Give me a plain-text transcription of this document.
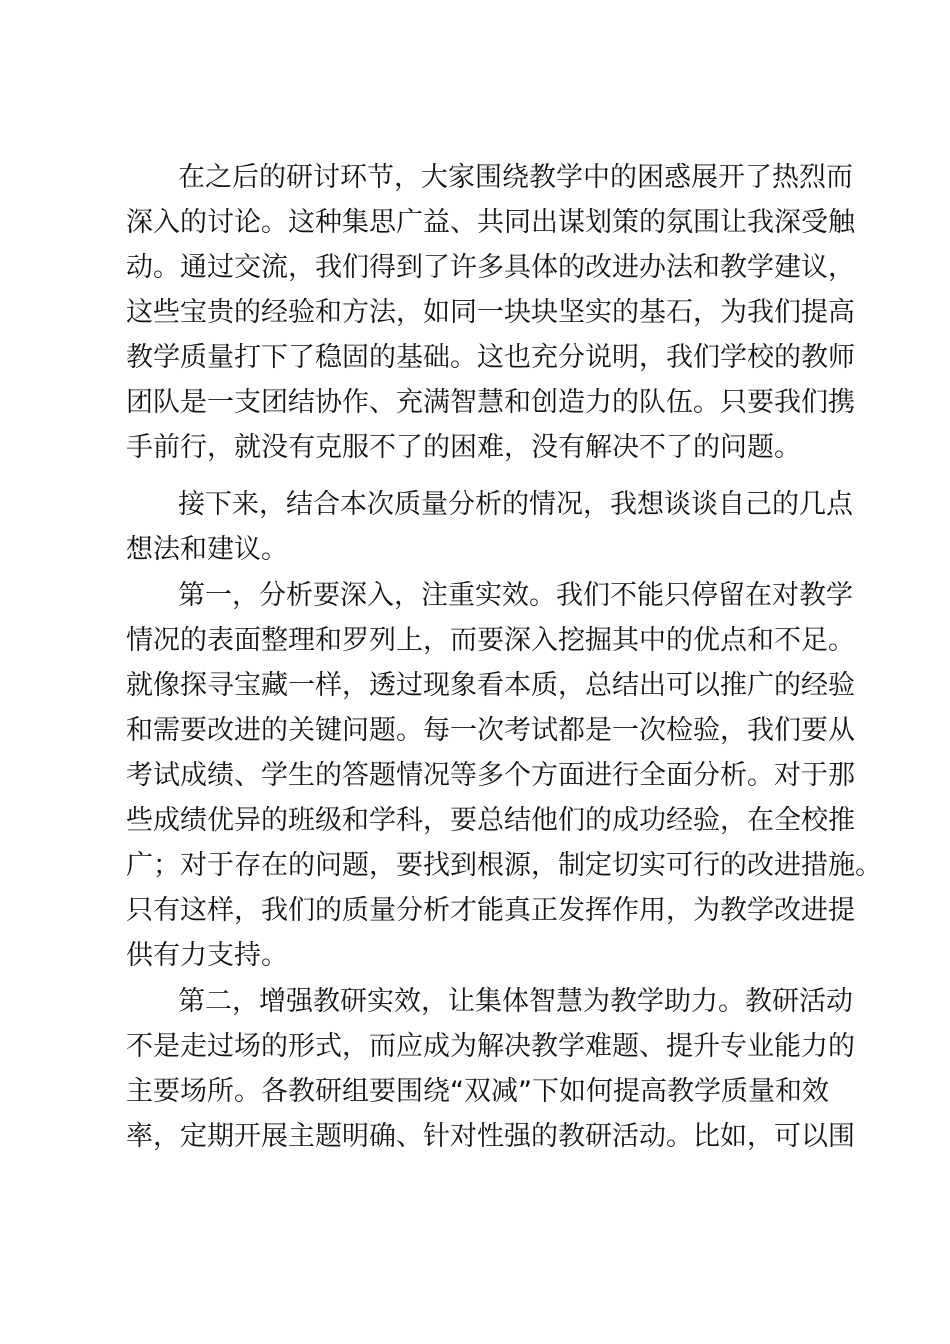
在之后的研讨环节，大家围绕教学中的困惑展开了热烈而
深入的讨论。这种集思广益、共同出谋划策的氛围让我深受触
动。通过交流，我们得到了许多具体的改进办法和教学建议，
这些宝贵的经验和方法，如同一块块坚实的基石，为我们提高
教学质量打下了稳固的基础。这也充分说明，我们学校的教师
团队是一支团结协作、充满智慧和创造力的队伍。只要我们携
手前行，就没有克服不了的困难，没有解决不了的问题。
接下来，结合本次质量分析的情况，我想谈谈自己的几点
想法和建议。
第一，分析要深入，注重实效。我们不能只停留在对教学
情况的表面整理和罗列上，而要深入挖掘其中的优点和不足。
就像探寻宝藏一样，透过现象看本质，总结出可以推广的经验
和需要改进的关键问题。每一次考试都是一次检验，我们要从
考试成绩、学生的答题情况等多个方面进行全面分析。对于那
些成绩优异的班级和学科，要总结他们的成功经验，在全校推
广；对于存在的问题，要找到根源，制定切实可行的改进措施。
只有这样，我们的质量分析才能真正发挥作用，为教学改进提
供有力支持。
第二，增强教研实效，让集体智慧为教学助力。教研活动
不是走过场的形式，而应成为解决教学难题、提升专业能力的
主要场所。各教研组要围绕“双减”下如何提高教学质量和效
率，定期开展主题明确、针对性强的教研活动。比如，可以围
